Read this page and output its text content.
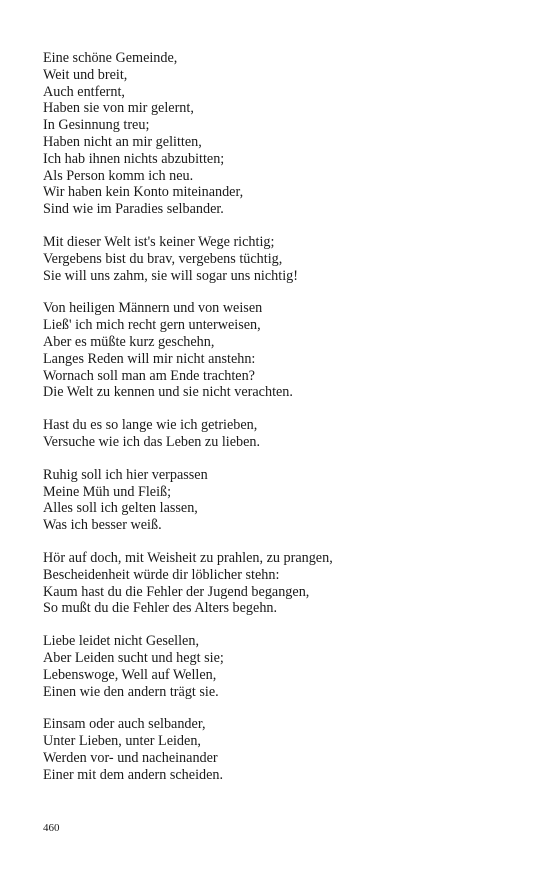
Eine schöne Gemeinde,
Weit und breit,
Auch entfernt,
Haben sie von mir gelernt,
In Gesinnung treu;
Haben nicht an mir gelitten,
Ich hab ihnen nichts abzubitten;
Als Person komm ich neu.
Wir haben kein Konto miteinander,
Sind wie im Paradies selbander.
Mit dieser Welt ist's keiner Wege richtig;
Vergebens bist du brav, vergebens tüchtig,
Sie will uns zahm, sie will sogar uns nichtig!
Von heiligen Männern und von weisen
Ließ' ich mich recht gern unterweisen,
Aber es müßte kurz geschehn,
Langes Reden will mir nicht anstehn:
Wornach soll man am Ende trachten?
Die Welt zu kennen und sie nicht verachten.
Hast du es so lange wie ich getrieben,
Versuche wie ich das Leben zu lieben.
Ruhig soll ich hier verpassen
Meine Müh und Fleiß;
Alles soll ich gelten lassen,
Was ich besser weiß.
Hör auf doch, mit Weisheit zu prahlen, zu prangen,
Bescheidenheit würde dir löblicher stehn:
Kaum hast du die Fehler der Jugend begangen,
So mußt du die Fehler des Alters begehn.
Liebe leidet nicht Gesellen,
Aber Leiden sucht und hegt sie;
Lebenswoge, Well auf Wellen,
Einen wie den andern trägt sie.
Einsam oder auch selbander,
Unter Lieben, unter Leiden,
Werden vor- und nacheinander
Einer mit dem andern scheiden.
460
